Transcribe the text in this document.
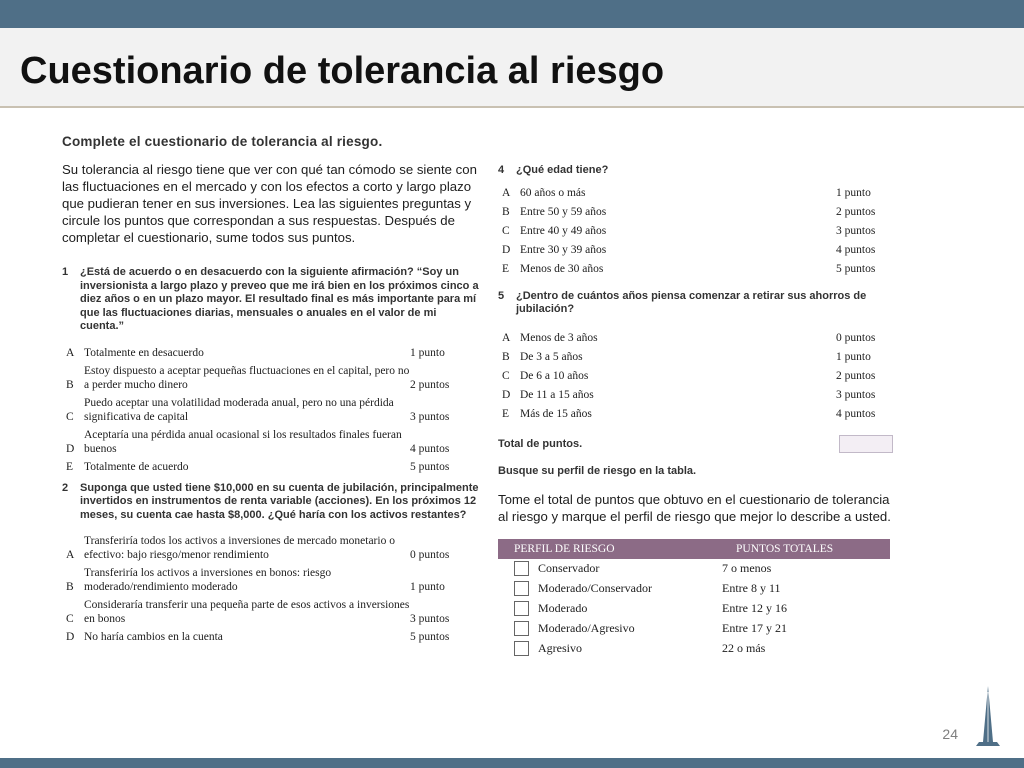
Cuestionario de tolerancia al riesgo
Complete el cuestionario de tolerancia al riesgo.

Su tolerancia al riesgo tiene que ver con qué tan cómodo se siente con las fluctuaciones en el mercado y con los efectos a corto y largo plazo que pudieran tener en sus inversiones. Lea las siguientes preguntas y circule los puntos que correspondan a sus respuestas. Después de completar el cuestionario, sume todos sus puntos.

1	¿Está de acuerdo o en desacuerdo con la siguiente afirmación? “Soy un inversionista a largo plazo y preveo que me irá bien en los próximos cinco a diez años o en un plazo mayor. El resultado final es más importante para mí que las fluctuaciones diarias, mensuales o anuales en el valor de mi cuenta.”
A Totalmente en desacuerdo	1 punto
B
Estoy dispuesto a aceptar pequeñas fluctuaciones en el capital, pero no a perder mucho dinero	2 puntos
C
Puedo aceptar una volatilidad moderada anual, pero no una pérdida significativa de capital	3 puntos
D
Aceptaría una pérdida anual ocasional si los resultados finales fueran buenos	4 puntos
E Totalmente de acuerdo	5 puntos
2	Suponga que usted tiene $10,000 en su cuenta de jubilación, principalmente invertidos en instrumentos de renta variable (acciones). En los próximos 12 meses, su cuenta cae hasta $8,000. ¿Qué haría con los activos restantes?
A
Transferiría todos los activos a inversiones de mercado monetario o efectivo: bajo riesgo/menor rendimiento	0 puntos
B
Transferiría los activos a inversiones en bonos: riesgo moderado/rendimiento moderado	1 punto
C
Consideraría transferir una pequeña parte de esos activos a inversiones en bonos	3 puntos
D No haría cambios en la cuenta	5 puntos
4	¿Qué edad tiene?
A 60 años o más	1 punto
B Entre 50 y 59 años	2 puntos
C Entre 40 y 49 años	3 puntos
D Entre 30 y 39 años	4 puntos
E Menos de 30 años	5 puntos
5	¿Dentro de cuántos años piensa comenzar a retirar sus ahorros de jubilación?
A Menos de 3 años	0 puntos
B De 3 a 5 años	1 punto
C De 6 a 10 años	2 puntos
D De 11 a 15 años	3 puntos
E Más de 15 años	4 puntos
Total de puntos.
Busque su perfil de riesgo en la tabla.
Tome el total de puntos que obtuvo en el cuestionario de tolerancia al riesgo y marque el perfil de riesgo que mejor lo describe a usted.
PERFIL DE RIESGO	PUNTOS TOTALES
Conservador	7 o menos
Moderado/Conservador	Entre 8 y 11
Moderado	Entre 12 y 16
Moderado/Agresivo	Entre 17 y 21
Agresivo	22 o más
24
